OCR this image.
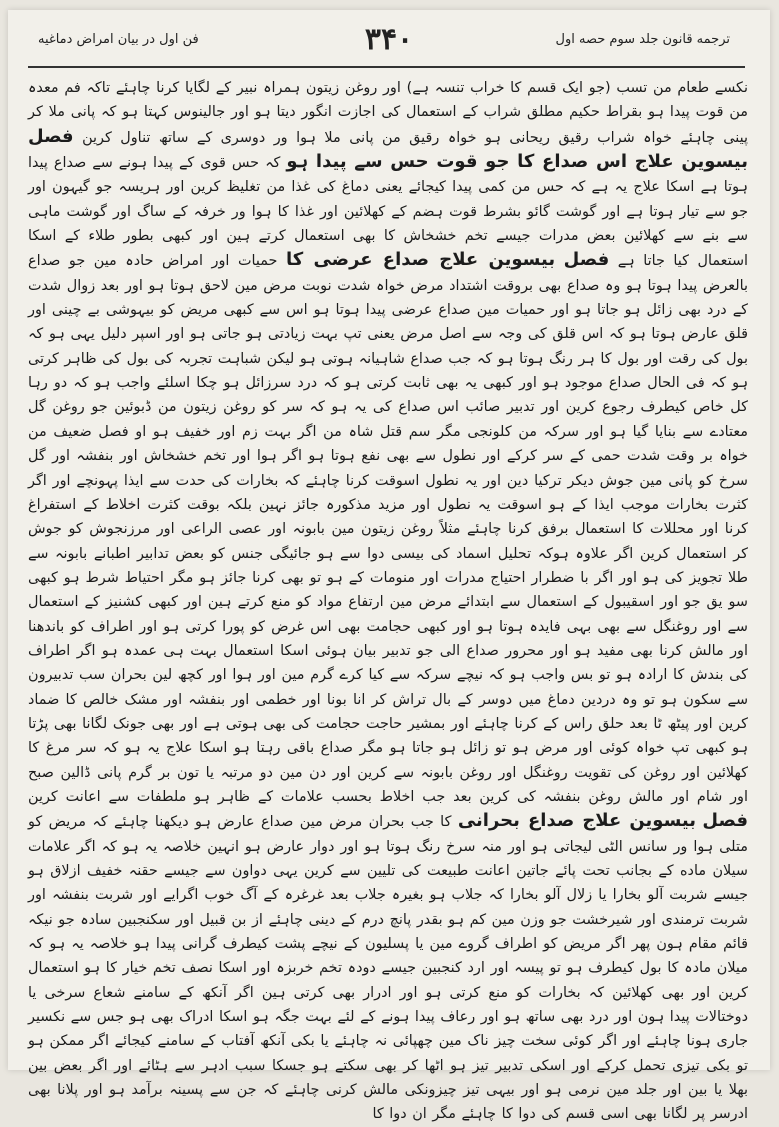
فن اول در بیان امراض دماغیه	۳۴۰	ترجمه قانون جلد سوم حصه اول

نکسے طعام من تسب (جو ایک قسم کا خراب تنسہ ہے) اور روغن زیتون ہمراہ نبیر کے لگایا کرنا چاہئے تاکہ فم معدہ من قوت پیدا ہو بقراط حکیم مطلق شراب کے استعمال کی اجازت انگور دیتا ہو اور جالینوس کہتا ہو کہ پانی ملا کر پینی چاہئے خواہ شراب رقیق ریحانی ہو خواہ رقیق من پانی ملا ہوا ور دوسری کے ساتھ تناول کرین فصل بیسوین علاج اس صداع کا جو قوت حس سے پیدا ہو کہ حس قوی کے پیدا ہونے سے صداع پیدا ہوتا ہے اسکا علاج یہ ہے کہ حس من کمی پیدا کیجائے یعنی دماغ کی غذا من تغلیظ کرین اور ہریسہ جو گیہون اور جو سے تیار ہوتا ہے اور گوشت گائو بشرط قوت ہضم کے کھلائین اور غذا کا ہوا ور خرفہ کے ساگ اور گوشت ماہی سے بنے سے کھلائین بعض مدرات جیسے تخم خشخاش کا بھی استعمال کرتے ہین اور کبھی بطور طلاء کے اسکا استعمال کیا جاتا ہے فصل بیسوین علاج صداع عرضی کا حمیات اور امراض حادہ مین جو صداع بالعرض پیدا ہوتا ہو وہ صداع بھی بروقت اشتداد مرض خواہ شدت نوبت مرض مین لاحق ہوتا ہو اور بعد زوال شدت کے درد بھی زائل ہو جاتا ہو اور حمیات مین صداع عرضی پیدا ہوتا ہو اس سے کبھی مریض کو بیہوشی بے چینی اور قلق عارض ہوتا ہو کہ اس قلق کی وجہ سے اصل مرض یعنی تپ بہت زیادتی ہو جاتی ہو اور اسپر دلیل یہی ہو کہ بول کی رقت اور بول کا ہر رنگ ہوتا ہو کہ جب صداع شاہیانہ ہوتی ہو لیکن شباہت تجربہ کی بول کی ظاہر کرتی ہو کہ فی الحال صداع موجود ہو اور کبھی یہ بھی ثابت کرتی ہو کہ درد سرزائل ہو چکا اسلئے واجب ہو کہ دو رہا کل خاص کیطرف رجوع کرین اور تدبیر صائب اس صداع کی یہ ہو کہ سر کو روغن زیتون من ڈبوئین جو روغن گل معتادے سے بنایا گیا ہو اور سرکہ من کلونجی مگر سم قتل شاہ من اگر بہت زم اور خفیف ہو او فصل ضعیف من خواہ بر وقت شدت حمی کے سر کرکے اور نطول سے بھی نفع ہوتا ہو اگر ہوا اور تخم خشخاش اور بنفشہ اور گل سرخ کو پانی مین جوش دیکر ترکیا دین اور یہ نطول اسوقت کرنا چاہئے کہ بخارات کی حدت سے ایذا پہونچے اور اگر کثرت بخارات موجب ایذا کے ہو اسوقت یہ نطول اور مزید مذکورہ جائز نہین بلکہ بوقت کثرت اخلاط کے استفراغ کرنا اور محللات کا استعمال برفق کرنا چاہئے مثلاً روغن زیتون مین بابونہ اور عصی الراعی اور مرزنجوش کو جوش کر استعمال کرین اگر علاوہ ہوکہ تحلیل اسماد کی بیسی دوا سے ہو جائیگی جنس کو بعض تدابیر اطبانے بابونہ سے طلا تجویز کی ہو اور اگر با ضطرار احتیاج مدرات اور منومات کے ہو تو بھی کرنا جائز ہو مگر احتیاط شرط ہو کبھی سو یق جو اور اسقیبول کے استعمال سے ابتدائے مرض مین ارتفاع مواد کو منع کرتے ہین اور کبھی کشنیز کے استعمال سے اور روغنگل سے بھی بہی فایدہ ہوتا ہو اور کبھی حجامت بھی اس غرض کو پورا کرتی ہو اور اطراف کو باندھنا اور مالش کرنا بھی مفید ہو اور محرور صداع الی جو تدبیر بیان ہوئی اسکا استعمال بہت ہی عمدہ ہو اگر اطراف کی بندش کا ارادہ ہو تو بس واجب ہو کہ نیچے سرکہ سے کیا کرے گرم مین اور ہوا اور کچھ لین بحران سب تدبیرون سے سکون ہو تو وہ دردین دماغ میں دوسر کے بال تراش کر انا بونا اور خطمی اور بنفشہ اور مشک خالص کا ضماد کرین اور پیٹھ ٹا بعد حلق راس کے کرنا چاہئے اور بمشیر حاجت حجامت کی بھی ہوتی ہے اور بھی جونک لگانا بھی پڑتا ہو کبھی تپ خواہ کوئی اور مرض ہو تو زائل ہو جاتا ہو مگر صداع باقی رہتا ہو اسکا علاج یہ ہو کہ سر مرغ کا کھلائین اور روغن کی تقویت روغنگل اور روغن بابونہ سے کرین اور دن مین دو مرتبہ یا تون بر گرم پانی ڈالین صبح اور شام اور مالش روغن بنفشہ کی کرین بعد جب اخلاط بحسب علامات کے ظاہر ہو ملطفات سے اعانت کرین فصل بیسوین علاج صداع بحرانی کا جب بحران مرض مین صداع عارض ہو دیکھنا چاہئے کہ مریض کو متلی ہوا ور سانس الٹی لیجاتی ہو اور منہ سرخ رنگ ہوتا ہو اور دوار عارض ہو انہین خلاصہ یہ ہو کہ اگر علامات سیلان ماده کے بجانب تحت پائے جاتین اعانت طبیعت کی تلیین سے کرین یہی دواون سے جیسے حقنہ خفیف ازلاق ہو جیسے شربت آلو بخارا یا زلال آلو بخارا کہ جلاب ہو بغیرہ جلاب بعد غرغرہ کے آگ خوب اگرایے اور شربت بنفشہ اور شربت ترمندی اور شیرخشت جو وزن مین کم ہو بقدر پانچ درم کے دینی چاہئے از بن قبیل اور سکنجبین سادہ جو نیکہ قائم مقام ہون پھر اگر مریض کو اطراف گروے مین یا پسلیون کے نیچے پشت کیطرف گرانی پیدا ہو خلاصہ یہ ہو کہ میلان مادہ کا بول کیطرف ہو تو پیسہ اور ارد کنجبین جیسے دودہ تخم خربزہ اور اسکا نصف تخم خیار کا ہو استعمال کرین اور بھی کھلائین کہ بخارات کو منع کرتی ہو اور ادرار بھی کرتی ہین اگر آنکھ کے سامنے شعاع سرخی یا دوختالات پیدا ہون اور درد بھی ساتھ ہو اور رعاف پیدا ہونے کے لئے بہت جگہ ہو اسکا ادراک بھی ہو جس سے نکسیر جاری ہونا چاہئے اور اگر کوئی سخت چیز ناک مین چھپائی نہ چاہئے یا بکی آنکھ آفتاب کے سامنے کیجائے اگر ممکن ہو تو بکی تیزی تحمل کرکے اور اسکی تدبیر تیز ہو اٹھا کر بھی سکتے ہو جسکا سبب ادہر سے ہٹائے اور اگر بعض بین بھلا یا بین اور جلد مین نرمی ہو اور بیہی تیز چیزونکی مالش کرنی چاہئے کہ جن سے پسینہ برآمد ہو اور پلانا بھی ادرسر پر لگانا بھی اسی قسم کی دوا کا چاہئے مگر ان دوا کا
